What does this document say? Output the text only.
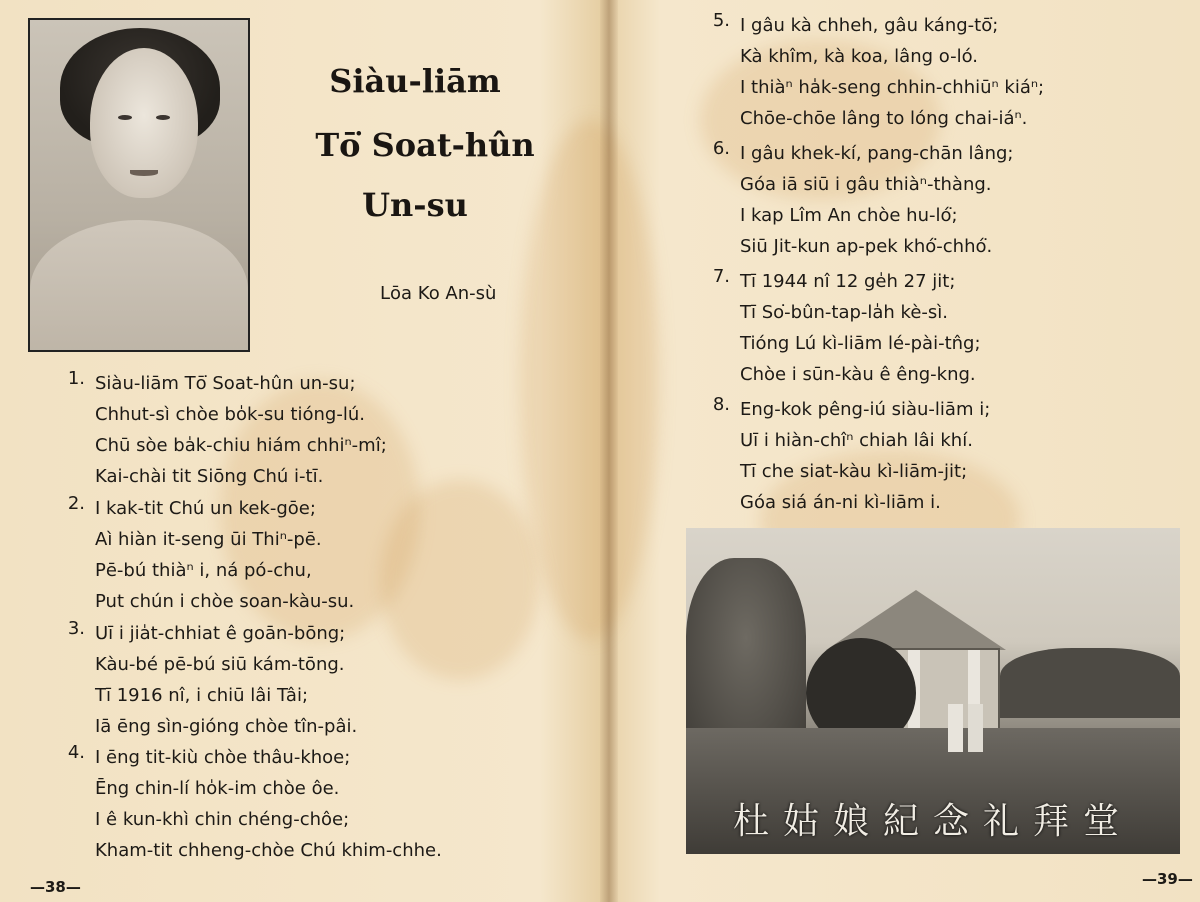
Siàu-liām
Tō͘ Soat-hûn
Un-su
Lōa Ko An-sù
1. Siàu-liām Tō͘ Soat-hûn un-su;
Chhut-sì chòe bo̍k-su tióng-lú.
Chū sòe ba̍k-chiu hiám chhiⁿ-mî;
Kai-chài tit Siōng Chú i-tī.
2. I kak-tit Chú un kek-gōe;
Aì hiàn it-seng ūi Thiⁿ-pē.
Pē-bú thiàⁿ i, ná pó-chu,
Put chún i chòe soan-kàu-su.
3. Uī i jia̍t-chhiat ê goān-bōng;
Kàu-bé pē-bú siū kám-tōng.
Tī 1916 nî, i chiū lâi Tâi;
Iā ēng sìn-gióng chòe tîn-pâi.
4. I ēng tit-kiù chòe thâu-khoe;
Ēng chin-lí ho̍k-im chòe ôe.
I ê kun-khì chin chéng-chôe;
Kham-tit chheng-chòe Chú khim-chhe.
—38—
5. I gâu kà chheh, gâu káng-tō͘;
Kà khîm, kà koa, lâng o-ló.
I thiàⁿ ha̍k-seng chhin-chhiūⁿ kiáⁿ;
Chōe-chōe lâng to lóng chai-iáⁿ.
6. I gâu khek-kí, pang-chān lâng;
Góa iā siū i gâu thiàⁿ-thàng.
I kap Lîm An chòe hu-ló͘;
Siū Jit-kun ap-pek khó͘-chhó͘.
7. Tī 1944 nî 12 ge̍h 27 jit;
Tī So͘-bûn-tap-la̍h kè-sì.
Tióng Lú kì-liām lé-pài-tn̂g;
Chòe i sūn-kàu ê êng-kng.
8. Eng-kok pêng-iú siàu-liām i;
Uī i hiàn-chîⁿ chiah lâi khí.
Tī che siat-kàu kì-liām-jit;
Góa siá án-ni kì-liām i.
—39—
杜姑娘紀念礼拜堂
